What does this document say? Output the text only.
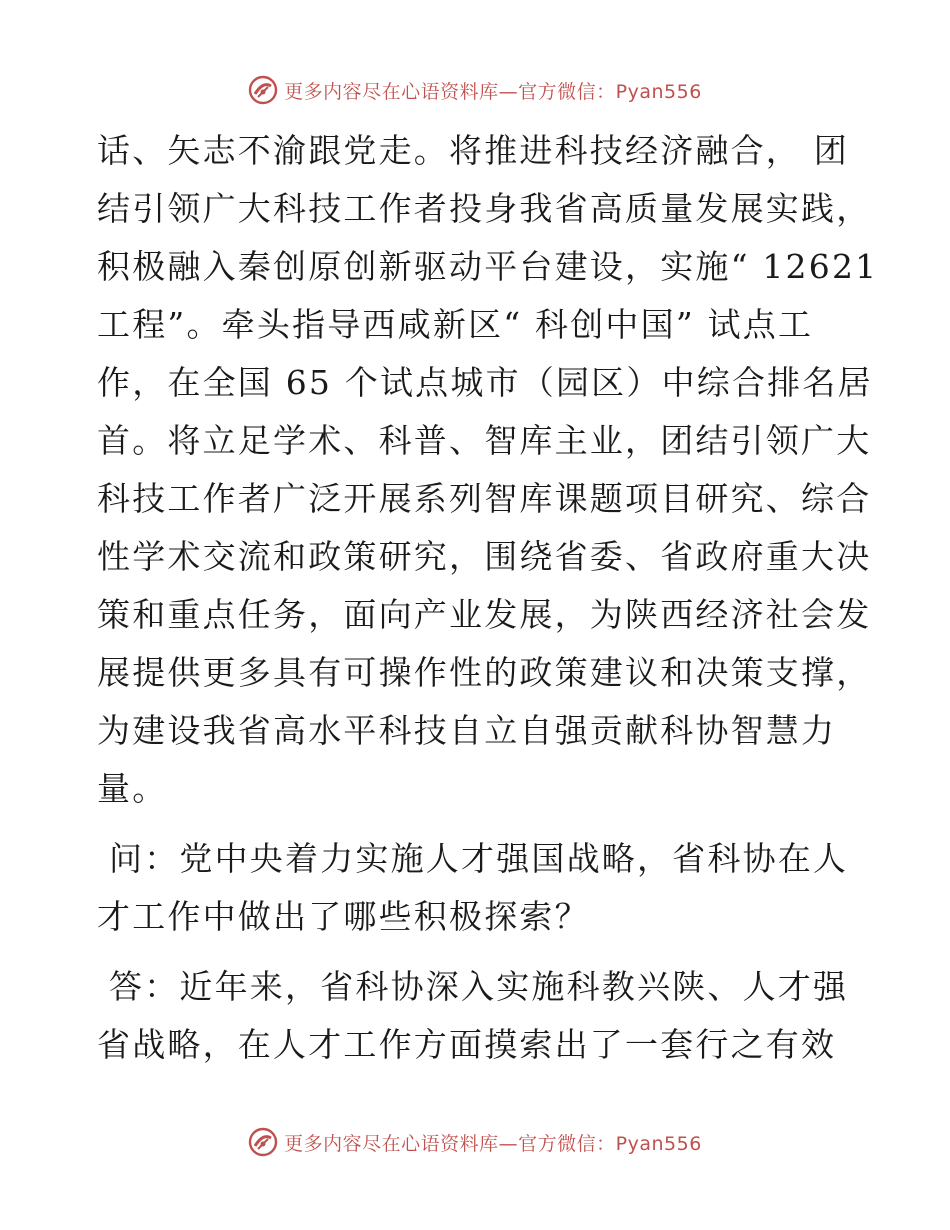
更多内容尽在心语资料库—官方微信：Pyan556
话、矢志不渝跟党走。将推进科技经济融合， 团
结引领广大科技工作者投身我省高质量发展实践，
积极融入秦创原创新驱动平台建设，实施“ 12621
工程”。牵头指导西咸新区“ 科创中国” 试点工
作，在全国 65 个试点城市（园区）中综合排名居
首。将立足学术、科普、智库主业，团结引领广大
科技工作者广泛开展系列智库课题项目研究、综合
性学术交流和政策研究，围绕省委、省政府重大决
策和重点任务，面向产业发展，为陕西经济社会发
展提供更多具有可操作性的政策建议和决策支撑，
为建设我省高水平科技自立自强贡献科协智慧力
量。
问：党中央着力实施人才强国战略，省科协在人
才工作中做出了哪些积极探索？
答：近年来，省科协深入实施科教兴陕、人才强
省战略，在人才工作方面摸索出了一套行之有效
更多内容尽在心语资料库—官方微信：Pyan556
